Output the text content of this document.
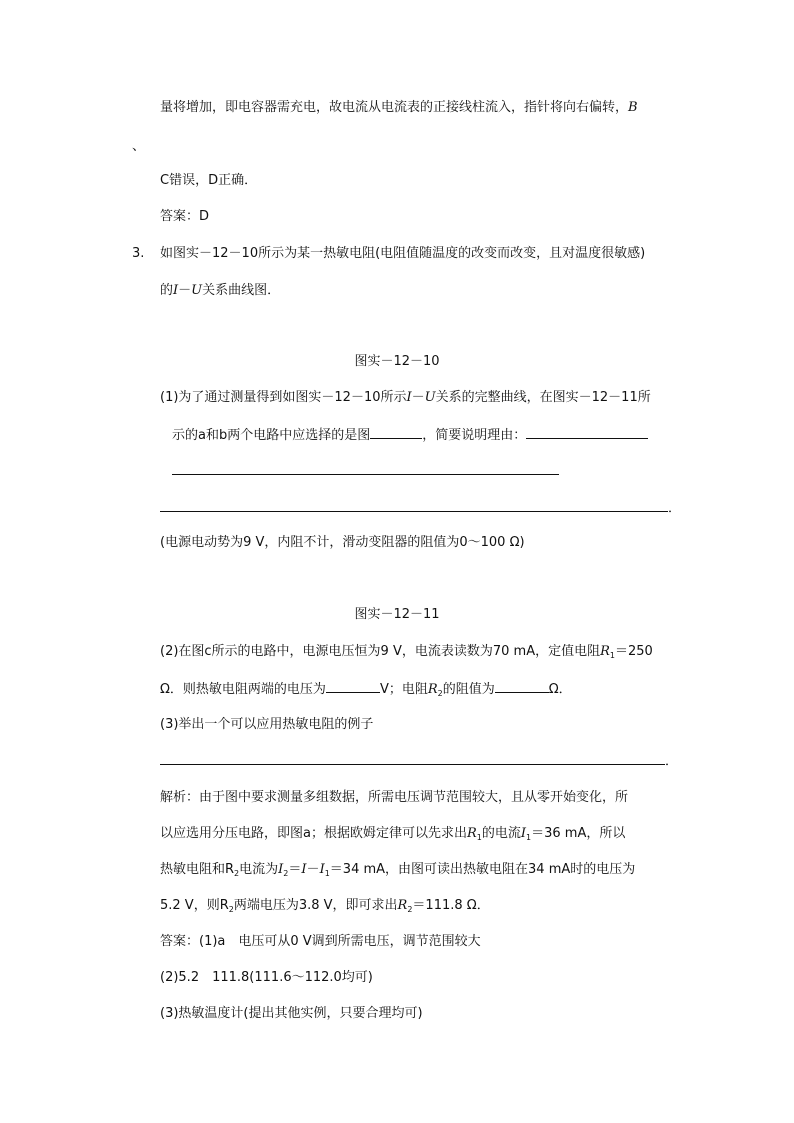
量将增加，即电容器需充电，故电流从电流表的正接线柱流入，指针将向右偏转，B
、
C错误，D正确．
答案：D
3. 如图实－12－10所示为某一热敏电阻(电阻值随温度的改变而改变，且对温度很敏感)
的I－U关系曲线图．
图实－12－10
(1)为了通过测量得到如图实－12－10所示I－U关系的完整曲线，在图实－12－11所
示的a和b两个电路中应选择的是图	，简要说明理由：
．
(电源电动势为9 V，内阻不计，滑动变阻器的阻值为0～100 Ω)
图实－12－11
(2)在图c所示的电路中，电源电压恒为9 V，电流表读数为70 mA，定值电阻$R_1=250$
Ω．则热敏电阻两端的电压为	V；电阻$R_2$的阻值为	Ω．
(3)举出一个可以应用热敏电阻的例子
．
解析：由于图中要求测量多组数据，所需电压调节范围较大，且从零开始变化，所
以应选用分压电路，即图a；根据欧姆定律可以先求出$R_1$的电流$I_1=36$ mA，所以
热敏电阻和$R_2$电流为$I_2=I-I_1=34$ mA，由图可读出热敏电阻在34 mA时的电压为
5.2 V，则$R_2$两端电压为3.8 V，即可求出$R_2=111.8$ Ω．
答案：(1)a　电压可从0 V调到所需电压，调节范围较大
(2)5.2　111.8(111.6～112.0均可)
(3)热敏温度计(提出其他实例，只要合理均可)
